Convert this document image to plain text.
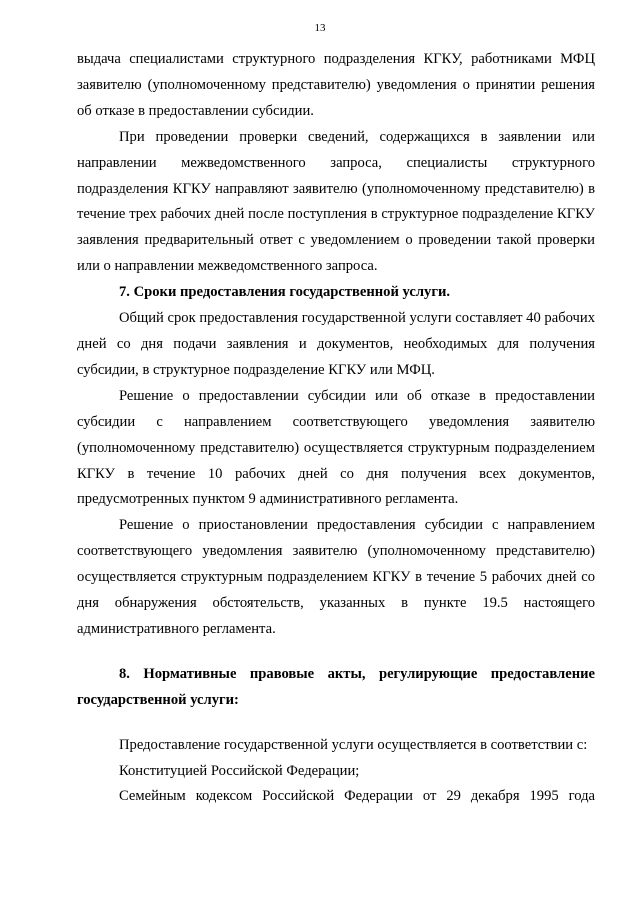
13

выдача специалистами структурного подразделения КГКУ, работниками МФЦ заявителю (уполномоченному представителю) уведомления о принятии решения об отказе в предоставлении субсидии.

При проведении проверки сведений, содержащихся в заявлении или направлении межведомственного запроса, специалисты структурного подразделения КГКУ направляют заявителю (уполномоченному представителю) в течение трех рабочих дней после поступления в структурное подразделение КГКУ заявления предварительный ответ с уведомлением о проведении такой проверки или о направлении межведомственного запроса.

7. Сроки предоставления государственной услуги.

Общий срок предоставления государственной услуги составляет 40 рабочих дней со дня подачи заявления и документов, необходимых для получения субсидии, в структурное подразделение КГКУ или МФЦ.

Решение о предоставлении субсидии или об отказе в предоставлении субсидии с направлением соответствующего уведомления заявителю (уполномоченному представителю) осуществляется структурным подразделением КГКУ в течение 10 рабочих дней со дня получения всех документов, предусмотренных пунктом 9 административного регламента.

Решение о приостановлении предоставления субсидии с направлением соответствующего уведомления заявителю (уполномоченному представителю) осуществляется структурным подразделением КГКУ в течение 5 рабочих дней со дня обнаружения обстоятельств, указанных в пункте 19.5 настоящего административного регламента.

8. Нормативные правовые акты, регулирующие предоставление государственной услуги:

Предоставление государственной услуги осуществляется в соответствии с:

Конституцией Российской Федерации;

Семейным кодексом Российской Федерации от 29 декабря 1995 года
